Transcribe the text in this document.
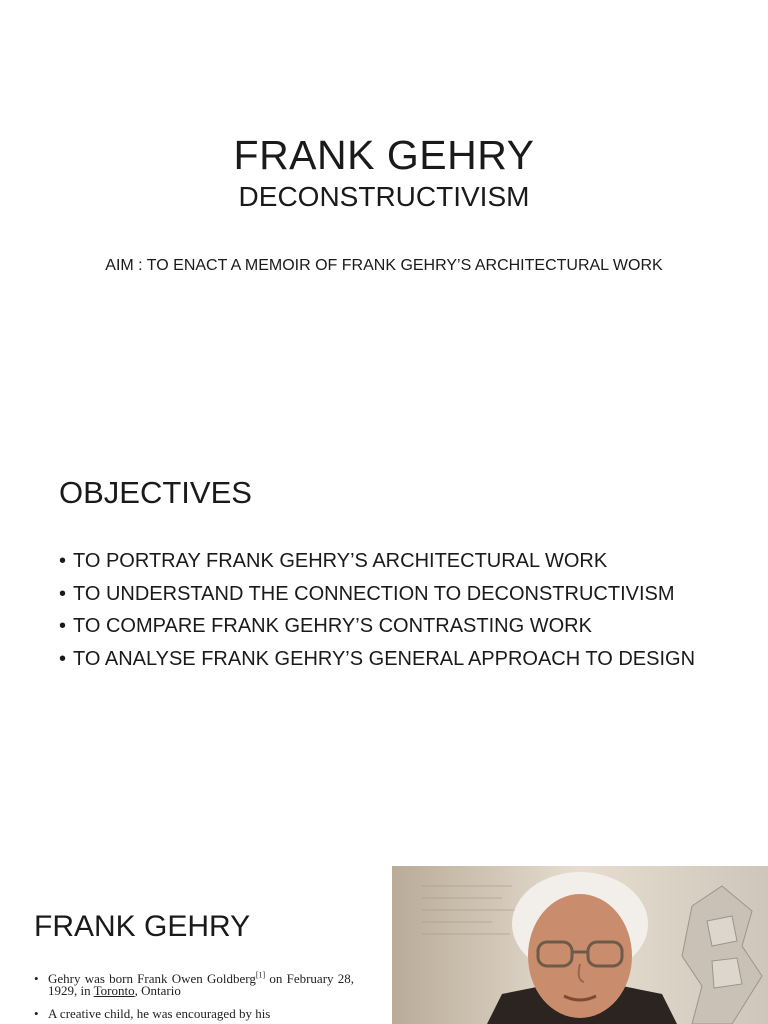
FRANK GEHRY
DECONSTRUCTIVISM
AIM : TO ENACT A MEMOIR OF FRANK GEHRY’S ARCHITECTURAL WORK
OBJECTIVES
• TO PORTRAY FRANK GEHRY’S ARCHITECTURAL WORK
• TO UNDERSTAND THE CONNECTION TO DECONSTRUCTIVISM
• TO COMPARE FRANK GEHRY’S CONTRASTING WORK
• TO ANALYSE FRANK GEHRY’S GENERAL APPROACH TO DESIGN
FRANK GEHRY
• Gehry was born Frank Owen Goldberg[1] on February 28, 1929, in Toronto, Ontario
• A creative child, he was encouraged by his
